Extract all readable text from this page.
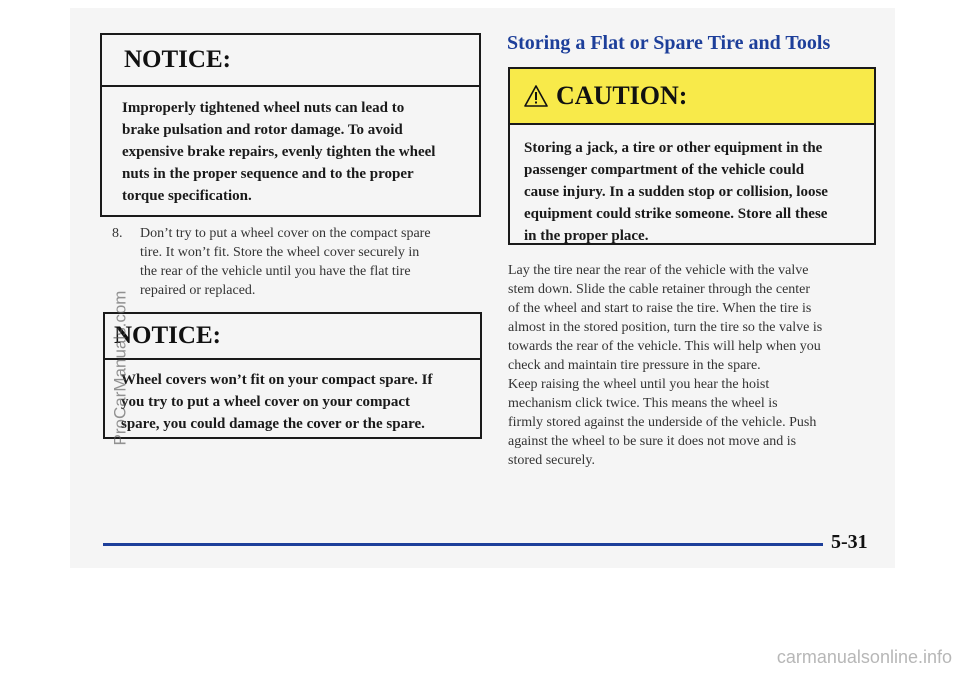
NOTICE:
Improperly tightened wheel nuts can lead to
brake pulsation and rotor damage. To avoid
expensive brake repairs, evenly tighten the wheel
nuts in the proper sequence and to the proper
torque specification.
8.	Don’t try to put a wheel cover on the compact spare
tire. It won’t fit. Store the wheel cover securely in
the rear of the vehicle until you have the flat tire
repaired or replaced.
NOTICE:
Wheel covers won’t fit on your compact spare. If
you try to put a wheel cover on your compact
spare, you could damage the cover or the spare.
Storing a Flat or Spare Tire and Tools
CAUTION:
Storing a jack, a tire or other equipment in the
passenger compartment of the vehicle could
cause injury. In a sudden stop or collision, loose
equipment could strike someone. Store all these
in the proper place.
Lay the tire near the rear of the vehicle with the valve
stem down. Slide the cable retainer through the center
of the wheel and start to raise the tire. When the tire is
almost in the stored position, turn the tire so the valve is
towards the rear of the vehicle. This will help when you
check and maintain tire pressure in the spare.
Keep raising the wheel until you hear the hoist
mechanism click twice. This means the wheel is
firmly stored against the underside of the vehicle. Push
against the wheel to be sure it does not move and is
stored securely.
5-31
ProCarManuals.com
carmanualsonline.info
